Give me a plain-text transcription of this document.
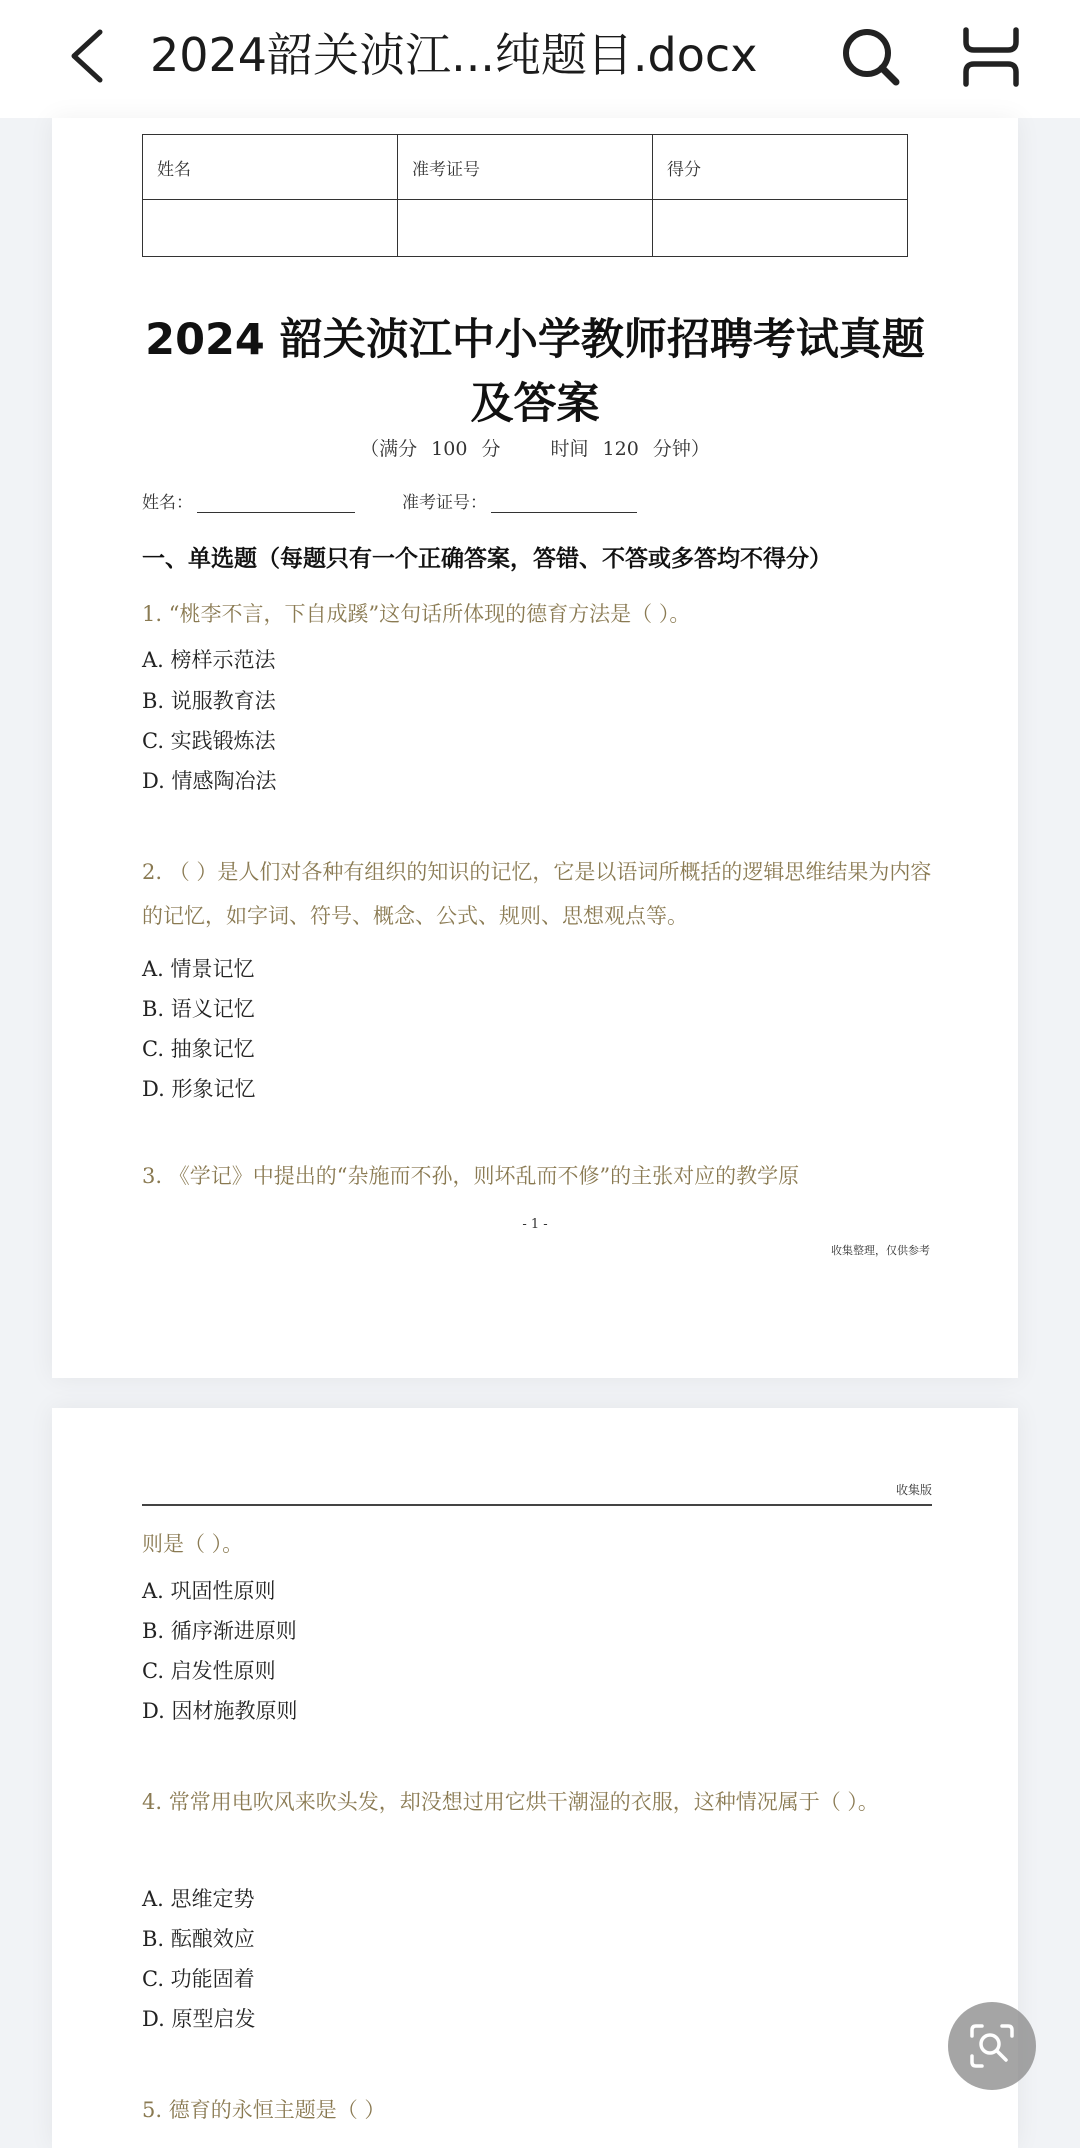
2024韶关浈江...纯题目.docx
姓名	准考证号	得分

2024 韶关浈江中小学教师招聘考试真题
及答案
（满分 100 分	时间 120 分钟）
姓名：	准考证号：
一、单选题（每题只有一个正确答案，答错、不答或多答均不得分）
1. “桃李不言，下自成蹊”这句话所体现的德育方法是（ ）。
A. 榜样示范法
B. 说服教育法
C. 实践锻炼法
D. 情感陶冶法
2. （ ）是人们对各种有组织的知识的记忆，它是以语词所概括的逻辑思维结果为内容的记忆，如字词、符号、概念、公式、规则、思想观点等。
A. 情景记忆
B. 语义记忆
C. 抽象记忆
D. 形象记忆
3. 《学记》中提出的“杂施而不孙，则坏乱而不修”的主张对应的教学原
- 1 -
收集整理，仅供参考
收集版
则是（ ）。
A. 巩固性原则
B. 循序渐进原则
C. 启发性原则
D. 因材施教原则
4. 常常用电吹风来吹头发，却没想过用它烘干潮湿的衣服，这种情况属于（ ）。
A. 思维定势
B. 酝酿效应
C. 功能固着
D. 原型启发
5. 德育的永恒主题是（ ）
